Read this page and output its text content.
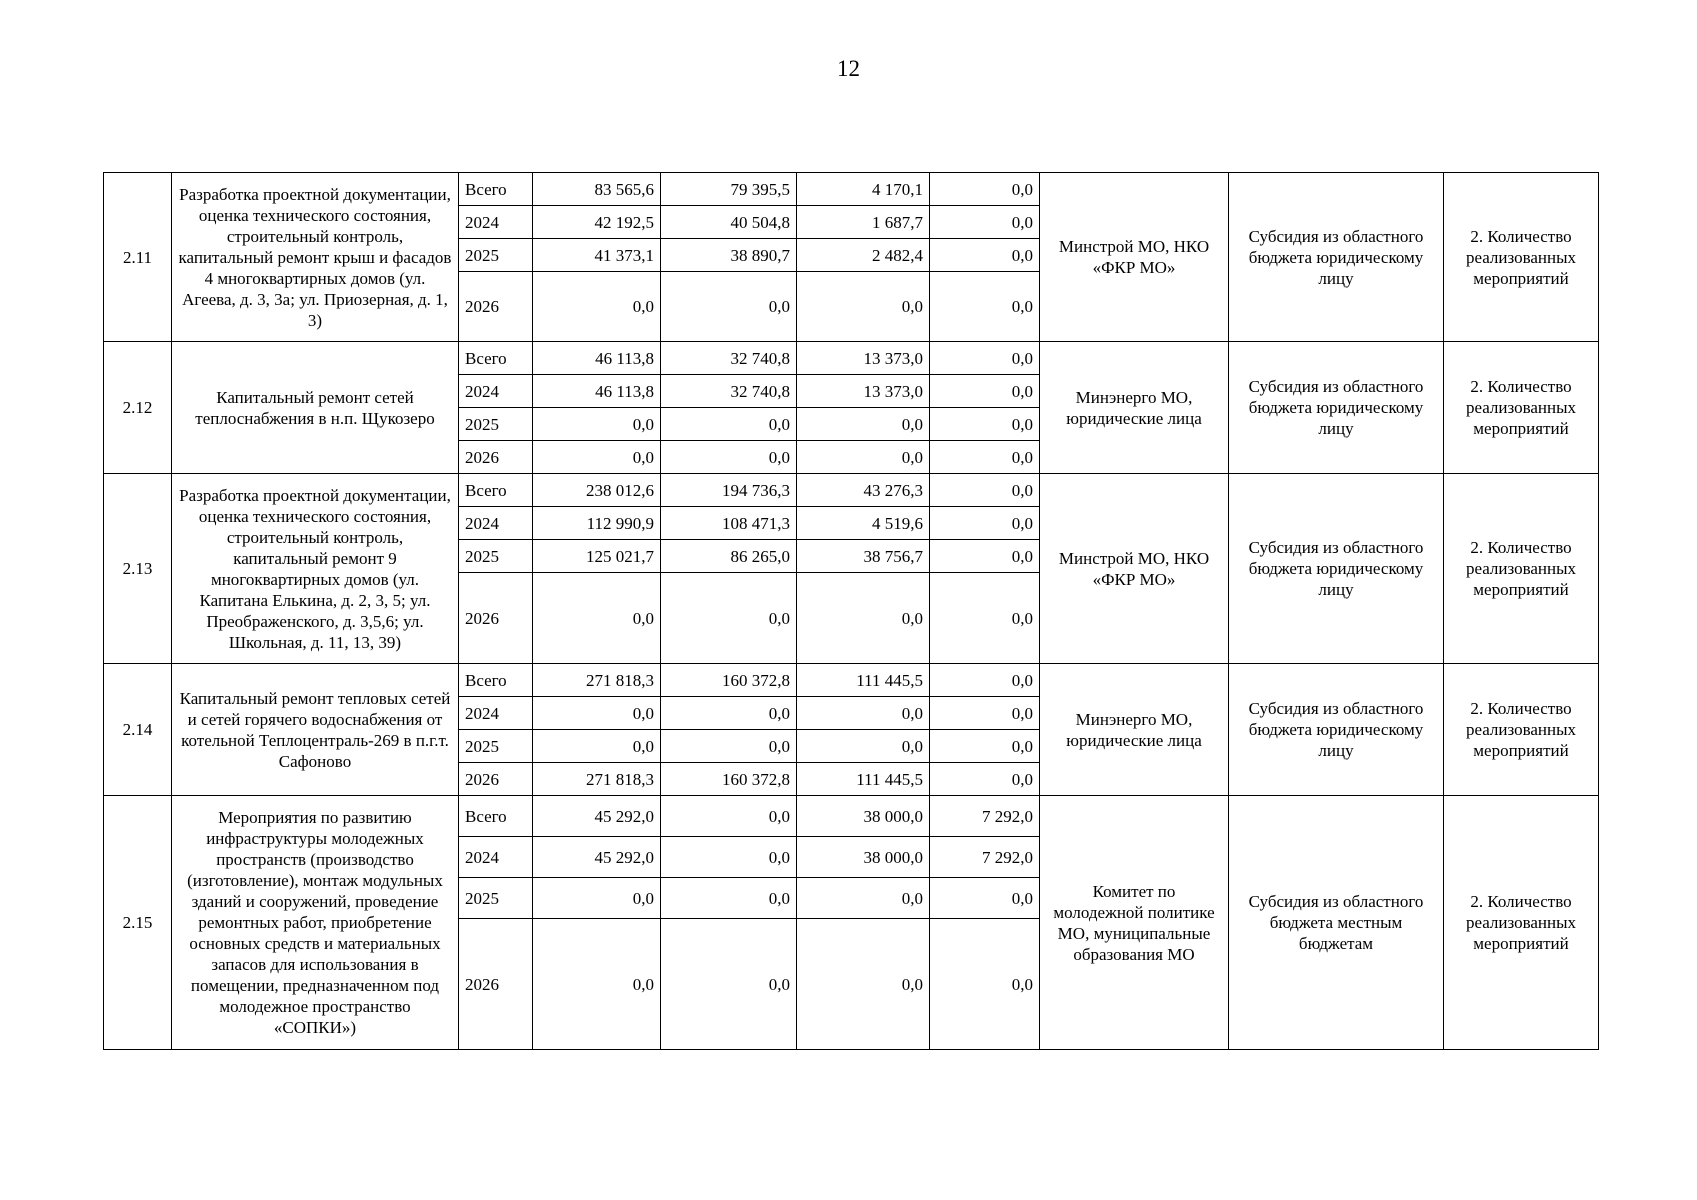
12
2.11	Разработка проектной документации, оценка технического состояния, строительный контроль, капитальный ремонт крыш и фасадов 4 многоквартирных домов (ул. Агеева, д. 3, 3а; ул. Приозерная, д. 1, 3)	Всего	83 565,6	79 395,5	4 170,1	0,0	Минстрой МО, НКО «ФКР МО»	Субсидия из областного бюджета юридическому лицу	2. Количество реализованных мероприятий
		2024	42 192,5	40 504,8	1 687,7	0,0			
		2025	41 373,1	38 890,7	2 482,4	0,0			
		2026	0,0	0,0	0,0	0,0			
2.12	Капитальный ремонт сетей теплоснабжения в н.п. Щукозеро	Всего	46 113,8	32 740,8	13 373,0	0,0	Минэнерго МО, юридические лица	Субсидия из областного бюджета юридическому лицу	2. Количество реализованных мероприятий
		2024	46 113,8	32 740,8	13 373,0	0,0			
		2025	0,0	0,0	0,0	0,0			
		2026	0,0	0,0	0,0	0,0			
2.13	Разработка проектной документации, оценка технического состояния, строительный контроль, капитальный ремонт 9 многоквартирных домов (ул. Капитана Елькина, д. 2, 3, 5; ул. Преображенского, д. 3,5,6; ул. Школьная, д. 11, 13, 39)	Всего	238 012,6	194 736,3	43 276,3	0,0	Минстрой МО, НКО «ФКР МО»	Субсидия из областного бюджета юридическому лицу	2. Количество реализованных мероприятий
		2024	112 990,9	108 471,3	4 519,6	0,0			
		2025	125 021,7	86 265,0	38 756,7	0,0			
		2026	0,0	0,0	0,0	0,0			
2.14	Капитальный ремонт тепловых сетей и сетей горячего водоснабжения от котельной Теплоцентраль-269 в п.г.т. Сафоново	Всего	271 818,3	160 372,8	111 445,5	0,0	Минэнерго МО, юридические лица	Субсидия из областного бюджета юридическому лицу	2. Количество реализованных мероприятий
		2024	0,0	0,0	0,0	0,0			
		2025	0,0	0,0	0,0	0,0			
		2026	271 818,3	160 372,8	111 445,5	0,0			
2.15	Мероприятия по развитию инфраструктуры молодежных пространств (производство (изготовление), монтаж модульных зданий и сооружений, проведение ремонтных работ, приобретение основных средств и материальных запасов для использования в помещении, предназначенном под молодежное пространство «СОПКИ»)	Всего	45 292,0	0,0	38 000,0	7 292,0	Комитет по молодежной политике МО, муниципальные образования МО	Субсидия из областного бюджета местным бюджетам	2. Количество реализованных мероприятий
		2024	45 292,0	0,0	38 000,0	7 292,0			
		2025	0,0	0,0	0,0	0,0			
		2026	0,0	0,0	0,0	0,0			
